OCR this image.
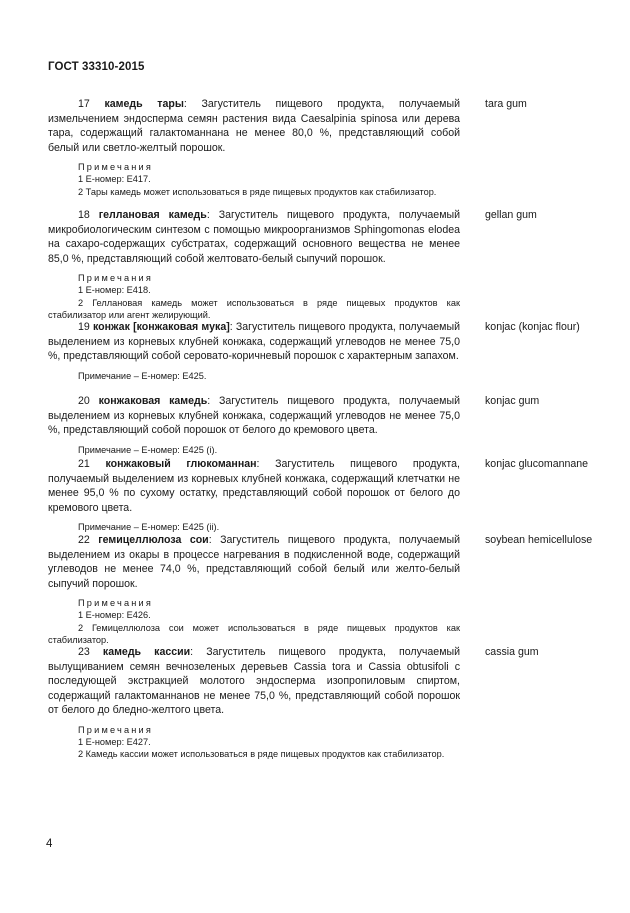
ГОСТ 33310-2015
17 камедь тары: Загуститель пищевого продукта, получаемый измельчением эндосперма семян растения вида Caesalpinia spinosa или дерева тара, содержащий галактоманнана не менее 80,0 %, представляющий собой белый или светло-желтый порошок.
tara gum
Примечания
1 Е-номер: Е417.
2 Тары камедь может использоваться в ряде пищевых продуктов как стабилизатор.
18 геллановая камедь: Загуститель пищевого продукта, получаемый микробиологическим синтезом с помощью микроорганизмов Sphingomonas elodea на сахаро-содержащих субстратах, содержащий основного вещества не менее 85,0 %, представляющий собой желтовато-белый сыпучий порошок.
gellan gum
Примечания
1 Е-номер: Е418.
2 Геллановая камедь может использоваться в ряде пищевых продуктов как стабилизатор или агент желирующий.
19 конжак [конжаковая мука]: Загуститель пищевого продукта, получаемый выделением из корневых клубней конжака, содержащий углеводов не менее 75,0 %, представляющий собой серовато-коричневый порошок с характерным запахом.
konjac (konjac flour)
Примечание – Е-номер: Е425.
20 конжаковая камедь: Загуститель пищевого продукта, получаемый выделением из корневых клубней конжака, содержащий углеводов не менее 75,0 %, представляющий собой порошок от белого до кремового цвета.
konjac gum
Примечание – Е-номер: Е425 (i).
21 конжаковый глюкоманнан: Загуститель пищевого продукта, получаемый выделением из корневых клубней конжака, содержащий клетчатки не менее 95,0 % по сухому остатку, представляющий собой порошок от белого до кремового цвета.
konjac glucomannane
Примечание – Е-номер: Е425 (ii).
22 гемицеллюлоза сои: Загуститель пищевого продукта, получаемый выделением из окары в процессе нагревания в подкисленной воде, содержащий углеводов не менее 74,0 %, представляющий собой белый или желто-белый сыпучий порошок.
soybean hemicellulose
Примечания
1 Е-номер: Е426.
2 Гемицеллюлоза сои может использоваться в ряде пищевых продуктов как стабилизатор.
23 камедь кассии: Загуститель пищевого продукта, получаемый вылущиванием семян вечнозеленых деревьев Cassia tora и Cassia obtusifoli с последующей экстракцией молотого эндосперма изопропиловым спиртом, содержащий галактоманнанов не менее 75,0 %, представляющий собой порошок от белого до бледно-желтого цвета.
cassia gum
Примечания
1 Е-номер: Е427.
2 Камедь кассии может использоваться в ряде пищевых продуктов как стабилизатор.
4
